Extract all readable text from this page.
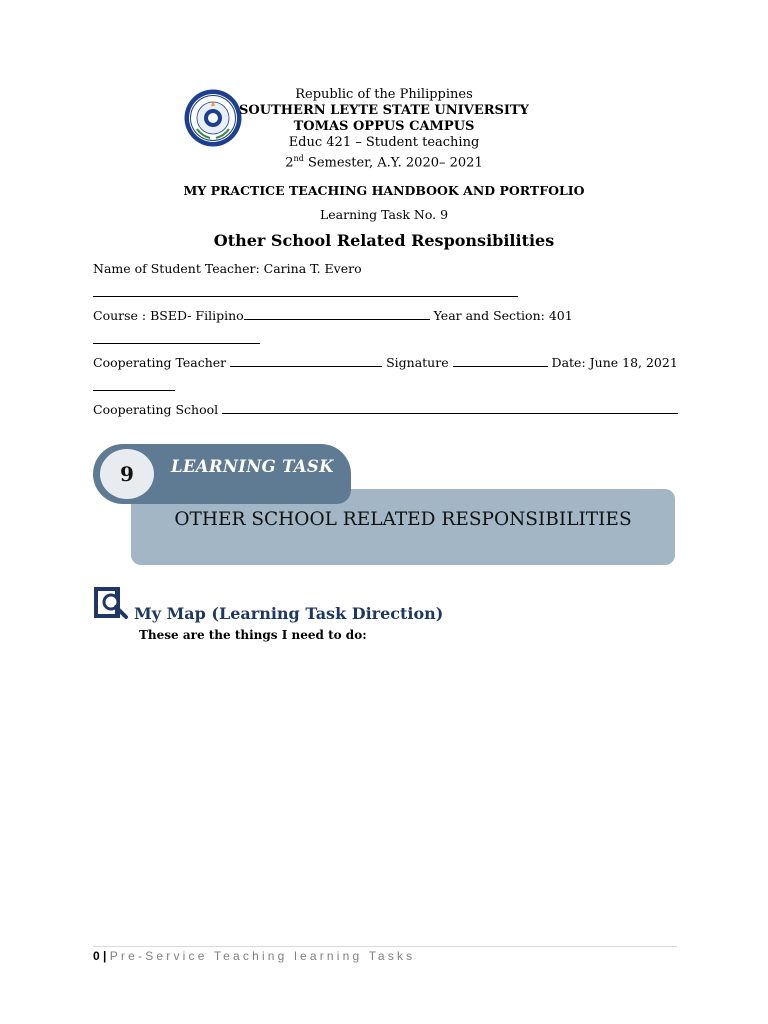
Republic of the Philippines
SOUTHERN LEYTE STATE UNIVERSITY
TOMAS OPPUS CAMPUS
Educ 421 – Student teaching
2nd Semester, A.Y. 2020– 2021
MY PRACTICE TEACHING HANDBOOK AND PORTFOLIO
Learning Task No. 9
Other School Related Responsibilities
Name of Student Teacher: Carina T. Evero
Course : BSED- Filipino	Year and Section: 401
Cooperating Teacher	Signature	Date: June 18, 2021
Cooperating School
OTHER SCHOOL RELATED RESPONSIBILITIES
9	LEARNING TASK
My Map (Learning Task Direction)
These are the things I need to do:
0 | Pre-Service Teaching learning Tasks
